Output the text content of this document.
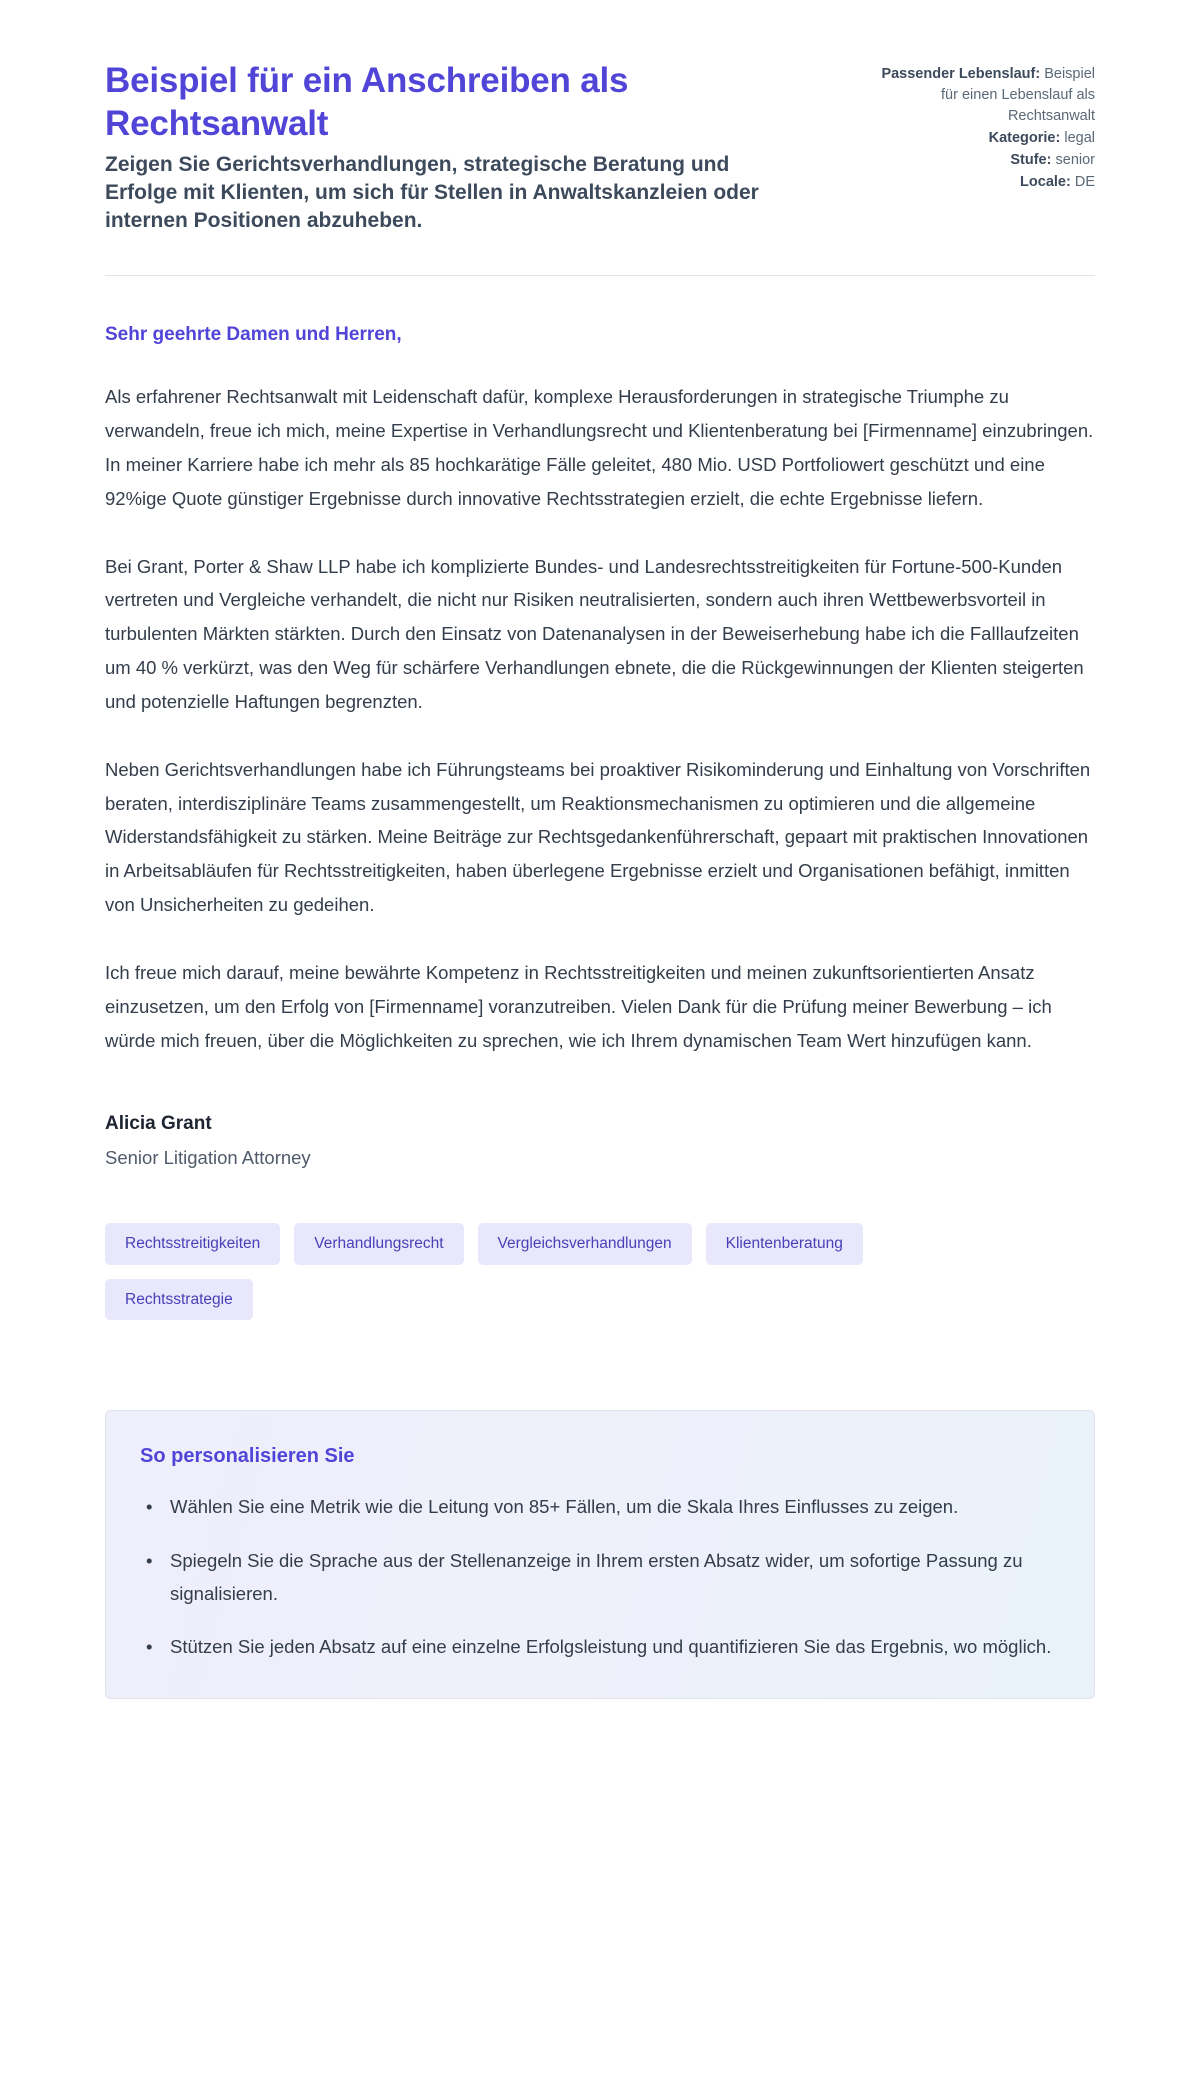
Beispiel für ein Anschreiben als Rechtsanwalt

Zeigen Sie Gerichtsverhandlungen, strategische Beratung und Erfolge mit Klienten, um sich für Stellen in Anwaltskanzleien oder internen Positionen abzuheben.

Passender Lebenslauf: Beispiel für einen Lebenslauf als Rechtsanwalt
Kategorie: legal
Stufe: senior
Locale: DE

Sehr geehrte Damen und Herren,

Als erfahrener Rechtsanwalt mit Leidenschaft dafür, komplexe Herausforderungen in strategische Triumphe zu verwandeln, freue ich mich, meine Expertise in Verhandlungsrecht und Klientenberatung bei [Firmenname] einzubringen. In meiner Karriere habe ich mehr als 85 hochkarätige Fälle geleitet, 480 Mio. USD Portfoliowert geschützt und eine 92%ige Quote günstiger Ergebnisse durch innovative Rechtsstrategien erzielt, die echte Ergebnisse liefern.

Bei Grant, Porter & Shaw LLP habe ich komplizierte Bundes- und Landesrechtsstreitigkeiten für Fortune-500-Kunden vertreten und Vergleiche verhandelt, die nicht nur Risiken neutralisierten, sondern auch ihren Wettbewerbsvorteil in turbulenten Märkten stärkten. Durch den Einsatz von Datenanalysen in der Beweiserhebung habe ich die Falllaufzeiten um 40 % verkürzt, was den Weg für schärfere Verhandlungen ebnete, die die Rückgewinnungen der Klienten steigerten und potenzielle Haftungen begrenzten.

Neben Gerichtsverhandlungen habe ich Führungsteams bei proaktiver Risikominderung und Einhaltung von Vorschriften beraten, interdisziplinäre Teams zusammengestellt, um Reaktionsmechanismen zu optimieren und die allgemeine Widerstandsfähigkeit zu stärken. Meine Beiträge zur Rechtsgedankenführerschaft, gepaart mit praktischen Innovationen in Arbeitsabläufen für Rechtsstreitigkeiten, haben überlegene Ergebnisse erzielt und Organisationen befähigt, inmitten von Unsicherheiten zu gedeihen.

Ich freue mich darauf, meine bewährte Kompetenz in Rechtsstreitigkeiten und meinen zukunftsorientierten Ansatz einzusetzen, um den Erfolg von [Firmenname] voranzutreiben. Vielen Dank für die Prüfung meiner Bewerbung – ich würde mich freuen, über die Möglichkeiten zu sprechen, wie ich Ihrem dynamischen Team Wert hinzufügen kann.

Alicia Grant

Senior Litigation Attorney

Rechtsstreitigkeiten	Verhandlungsrecht	Vergleichsverhandlungen	Klientenberatung
Rechtsstrategie
So personalisieren Sie
• Wählen Sie eine Metrik wie die Leitung von 85+ Fällen, um die Skala Ihres Einflusses zu zeigen.
• Spiegeln Sie die Sprache aus der Stellenanzeige in Ihrem ersten Absatz wider, um sofortige Passung zu signalisieren.
• Stützen Sie jeden Absatz auf eine einzelne Erfolgsleistung und quantifizieren Sie das Ergebnis, wo möglich.
